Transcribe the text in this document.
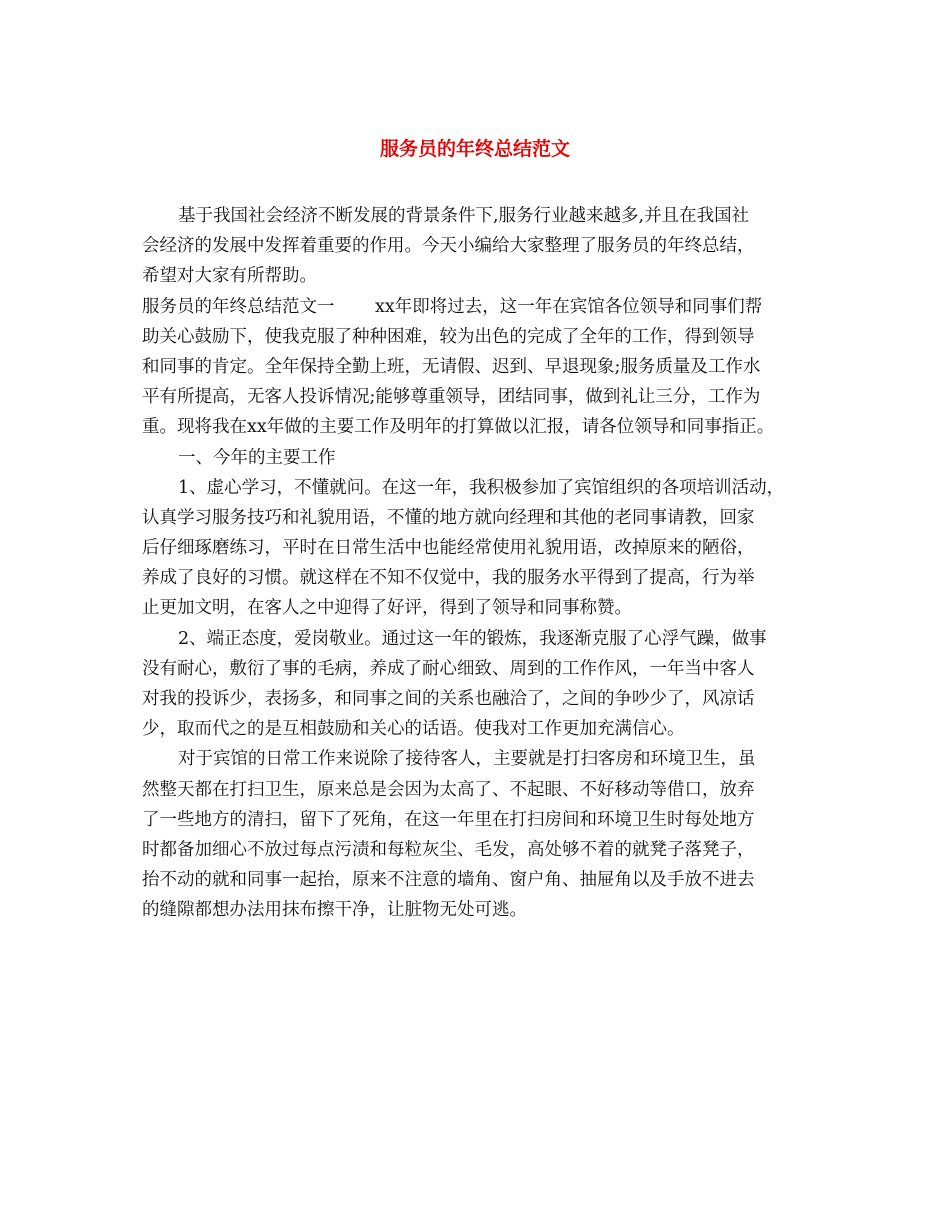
服务员的年终总结范文
基于我国社会经济不断发展的背景条件下,服务行业越来越多,并且在我国社
会经济的发展中发挥着重要的作用。今天小编给大家整理了服务员的年终总结，
希望对大家有所帮助。
服务员的年终总结范文一　　 xx年即将过去，这一年在宾馆各位领导和同事们帮
助关心鼓励下，使我克服了种种困难，较为出色的完成了全年的工作，得到领导
和同事的肯定。全年保持全勤上班，无请假、迟到、早退现象;服务质量及工作水
平有所提高，无客人投诉情况;能够尊重领导，团结同事，做到礼让三分，工作为
重。现将我在xx年做的主要工作及明年的打算做以汇报，请各位领导和同事指正。
一、今年的主要工作
1、虚心学习，不懂就问。在这一年，我积极参加了宾馆组织的各项培训活动，
认真学习服务技巧和礼貌用语，不懂的地方就向经理和其他的老同事请教，回家
后仔细琢磨练习，平时在日常生活中也能经常使用礼貌用语，改掉原来的陋俗，
养成了良好的习惯。就这样在不知不仅觉中，我的服务水平得到了提高，行为举
止更加文明，在客人之中迎得了好评，得到了领导和同事称赞。
2、端正态度，爱岗敬业。通过这一年的锻炼，我逐渐克服了心浮气躁，做事
没有耐心，敷衍了事的毛病，养成了耐心细致、周到的工作作风，一年当中客人
对我的投诉少，表扬多，和同事之间的关系也融洽了，之间的争吵少了，风凉话
少，取而代之的是互相鼓励和关心的话语。使我对工作更加充满信心。
对于宾馆的日常工作来说除了接待客人，主要就是打扫客房和环境卫生，虽
然整天都在打扫卫生，原来总是会因为太高了、不起眼、不好移动等借口，放弃
了一些地方的清扫，留下了死角，在这一年里在打扫房间和环境卫生时每处地方
时都备加细心不放过每点污渍和每粒灰尘、毛发，高处够不着的就凳子落凳子，
抬不动的就和同事一起抬，原来不注意的墙角、窗户角、抽屉角以及手放不进去
的缝隙都想办法用抹布擦干净，让脏物无处可逃。
